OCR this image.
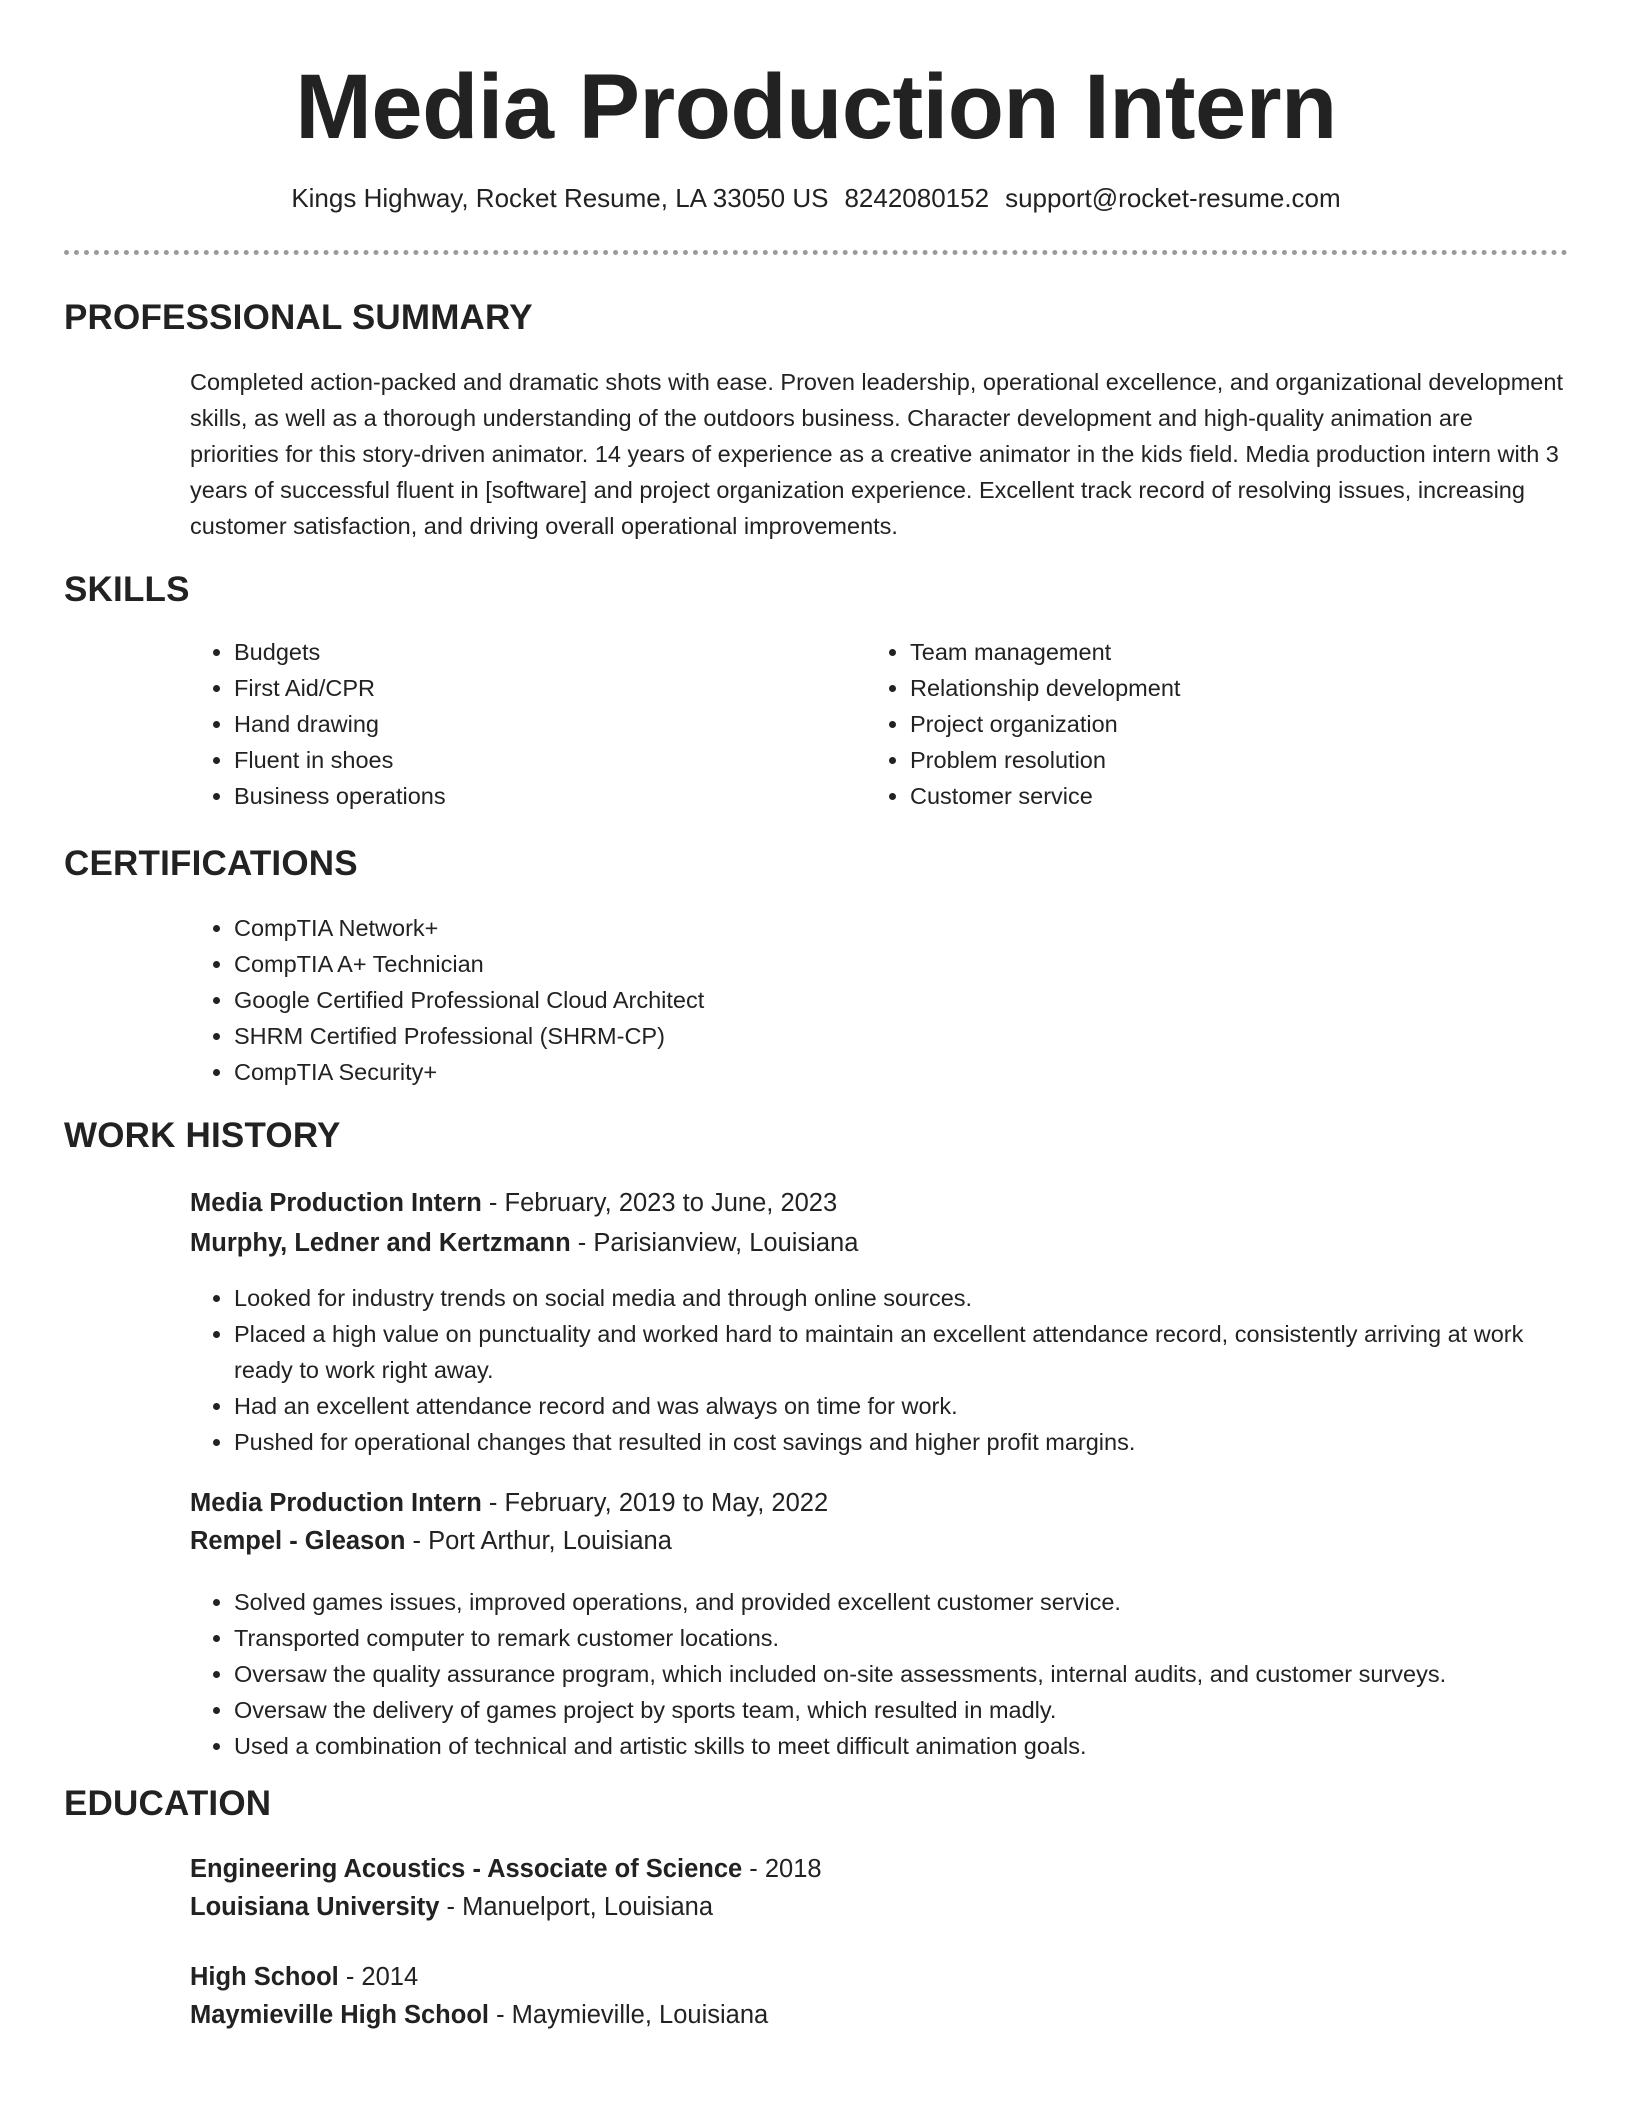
Media Production Intern
Kings Highway, Rocket Resume, LA 33050 US 8242080152 support@rocket-resume.com
PROFESSIONAL SUMMARY
Completed action-packed and dramatic shots with ease. Proven leadership, operational excellence, and organizational development skills, as well as a thorough understanding of the outdoors business. Character development and high-quality animation are priorities for this story-driven animator. 14 years of experience as a creative animator in the kids field. Media production intern with 3 years of successful fluent in [software] and project organization experience. Excellent track record of resolving issues, increasing customer satisfaction, and driving overall operational improvements.
SKILLS
• Budgets
• First Aid/CPR
• Hand drawing
• Fluent in shoes
• Business operations
• Team management
• Relationship development
• Project organization
• Problem resolution
• Customer service
CERTIFICATIONS
• CompTIA Network+
• CompTIA A+ Technician
• Google Certified Professional Cloud Architect
• SHRM Certified Professional (SHRM-CP)
• CompTIA Security+
WORK HISTORY
Media Production Intern - February, 2023 to June, 2023
Murphy, Ledner and Kertzmann - Parisianview, Louisiana
• Looked for industry trends on social media and through online sources.
• Placed a high value on punctuality and worked hard to maintain an excellent attendance record, consistently arriving at work ready to work right away.
• Had an excellent attendance record and was always on time for work.
• Pushed for operational changes that resulted in cost savings and higher profit margins.
Media Production Intern - February, 2019 to May, 2022
Rempel - Gleason - Port Arthur, Louisiana
• Solved games issues, improved operations, and provided excellent customer service.
• Transported computer to remark customer locations.
• Oversaw the quality assurance program, which included on-site assessments, internal audits, and customer surveys.
• Oversaw the delivery of games project by sports team, which resulted in madly.
• Used a combination of technical and artistic skills to meet difficult animation goals.
EDUCATION
Engineering Acoustics - Associate of Science - 2018
Louisiana University - Manuelport, Louisiana
High School - 2014
Maymieville High School - Maymieville, Louisiana
